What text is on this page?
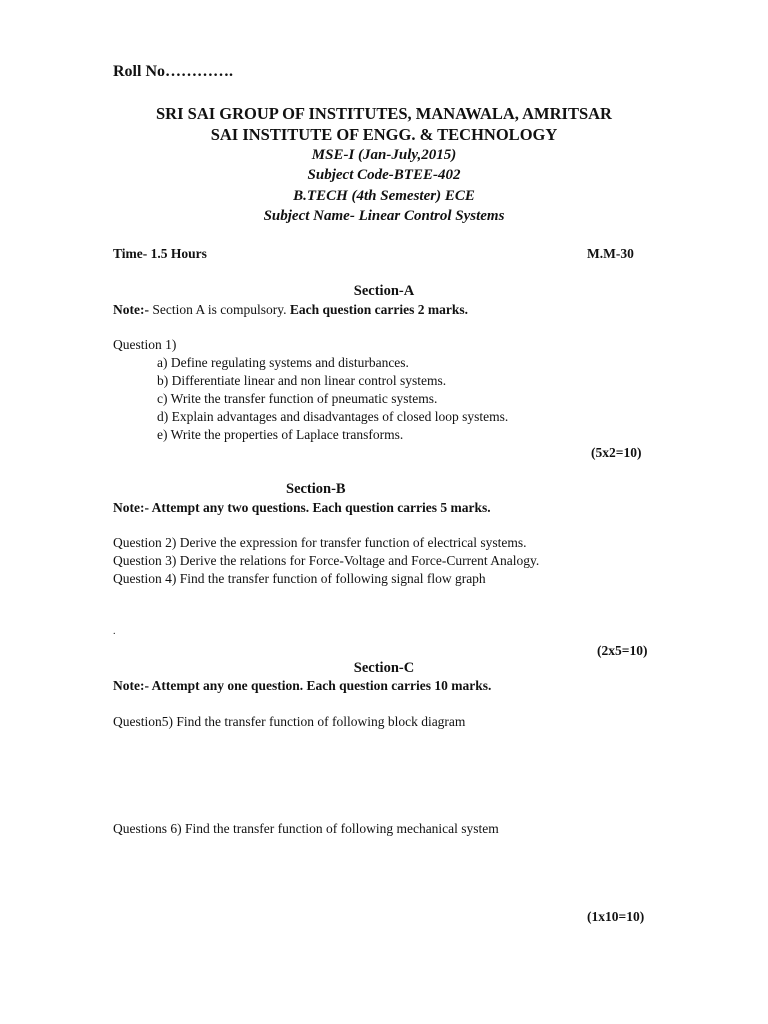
Roll No………….
SRI SAI GROUP OF INSTITUTES, MANAWALA, AMRITSAR
SAI INSTITUTE OF ENGG. & TECHNOLOGY
MSE-I (Jan-July,2015)
Subject Code-BTEE-402
B.TECH (4th Semester) ECE
Subject Name- Linear Control Systems
Time- 1.5 Hours	M.M-30
Section-A
Note:- Section A is compulsory. Each question carries 2 marks.
Question 1)
a) Define regulating systems and disturbances.
b) Differentiate linear and non linear control systems.
c) Write the transfer function of pneumatic systems.
d) Explain advantages and disadvantages of closed loop systems.
e) Write the properties of Laplace transforms.
(5x2=10)
Section-B
Note:- Attempt any two questions. Each question carries 5 marks.
Question 2) Derive the expression for transfer function of electrical systems.
Question 3) Derive the relations for Force-Voltage and Force-Current Analogy.
Question 4) Find the transfer function of following signal flow graph
.
(2x5=10)
Section-C
Note:- Attempt any one question. Each question carries 10 marks.
Question5) Find the transfer function of following block diagram
Questions 6) Find the transfer function of following mechanical system
(1x10=10)
